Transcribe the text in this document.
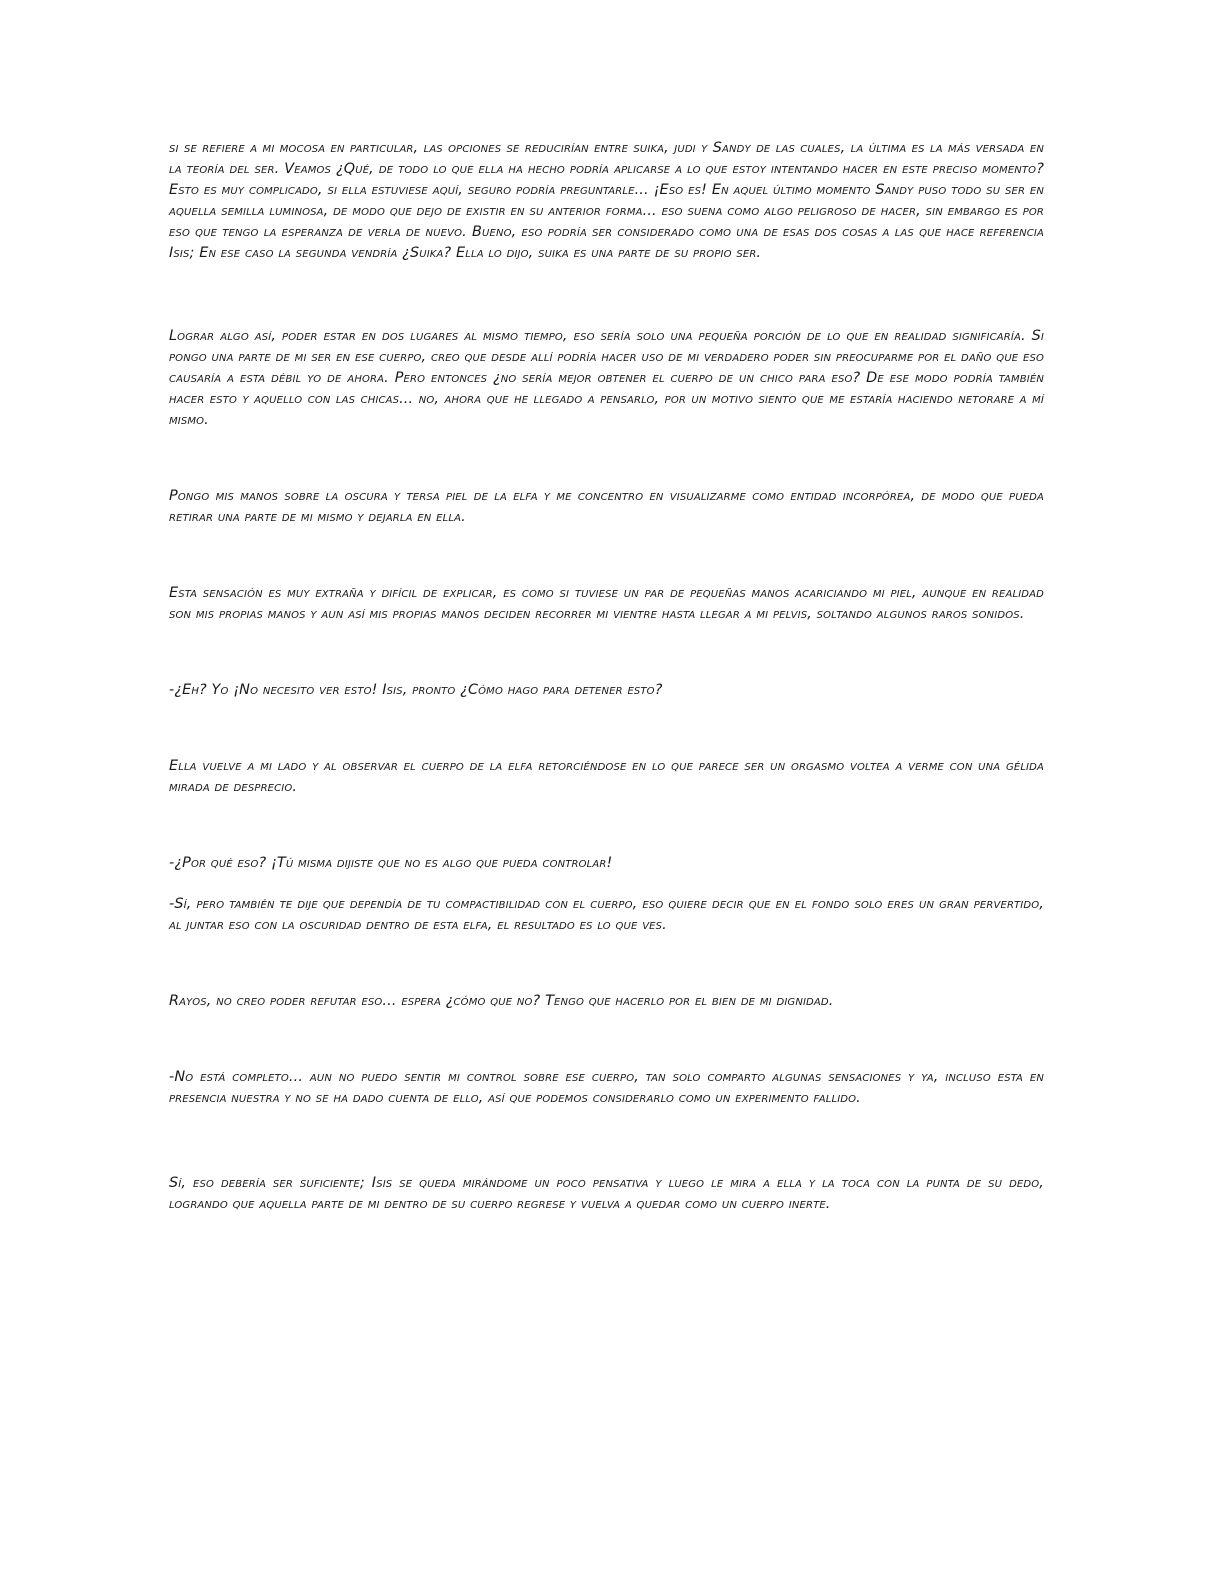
si se refiere a mi mocosa en particular, las opciones se reducirían entre suika, judi y Sandy de las cuales, la última es la más versada en la teoría del ser. Veamos ¿Qué, de todo lo que ella ha hecho podría aplicarse a lo que estoy intentando hacer en este preciso momento? Esto es muy complicado, si ella estuviese aquí, seguro podría preguntarle... ¡Eso es! En aquel último momento Sandy puso todo su ser en aquella semilla luminosa, de modo que dejo de existir en su anterior forma... eso suena como algo peligroso de hacer, sin embargo es por eso que tengo la esperanza de verla de nuevo. Bueno, eso podría ser considerado como una de esas dos cosas a las que hace referencia Isis; En ese caso la segunda vendría ¿Suika? Ella lo dijo, suika es una parte de su propio ser.

Lograr algo así, poder estar en dos lugares al mismo tiempo, eso sería solo una pequeña porción de lo que en realidad significaría. Si pongo una parte de mi ser en ese cuerpo, creo que desde allí podría hacer uso de mi verdadero poder sin preocuparme por el daño que eso causaría a esta débil yo de ahora. Pero entonces ¿no sería mejor obtener el cuerpo de un chico para eso? De ese modo podría también hacer esto y aquello con las chicas... no, ahora que he llegado a pensarlo, por un motivo siento que me estaría haciendo netorare a mí mismo.

Pongo mis manos sobre la oscura y tersa piel de la elfa y me concentro en visualizarme como entidad incorpórea, de modo que pueda retirar una parte de mi mismo y dejarla en ella.

Esta sensación es muy extraña y difícil de explicar, es como si tuviese un par de pequeñas manos acariciando mi piel, aunque en realidad son mis propias manos y aun así mis propias manos deciden recorrer mi vientre hasta llegar a mi pelvis, soltando algunos raros sonidos.

-¿Eh? Yo ¡No necesito ver esto! Isis, pronto ¿Cómo hago para detener esto?

Ella vuelve a mi lado y al observar el cuerpo de la elfa retorciéndose en lo que parece ser un orgasmo voltea a verme con una gélida mirada de desprecio.

-¿Por qué eso? ¡Tú misma dijiste que no es algo que pueda controlar!

-Sí, pero también te dije que dependía de tu compactibilidad con el cuerpo, eso quiere decir que en el fondo solo eres un gran pervertido, al juntar eso con la oscuridad dentro de esta elfa, el resultado es lo que ves.

Rayos, no creo poder refutar eso... espera ¿cómo que no? Tengo que hacerlo por el bien de mi dignidad.

-No está completo... aun no puedo sentir mi control sobre ese cuerpo, tan solo comparto algunas sensaciones y ya, incluso esta en presencia nuestra y no se ha dado cuenta de ello, así que podemos considerarlo como un experimento fallido.

Sí, eso debería ser suficiente; Isis se queda mirándome un poco pensativa y luego le mira a ella y la toca con la punta de su dedo, logrando que aquella parte de mi dentro de su cuerpo regrese y vuelva a quedar como un cuerpo inerte.
